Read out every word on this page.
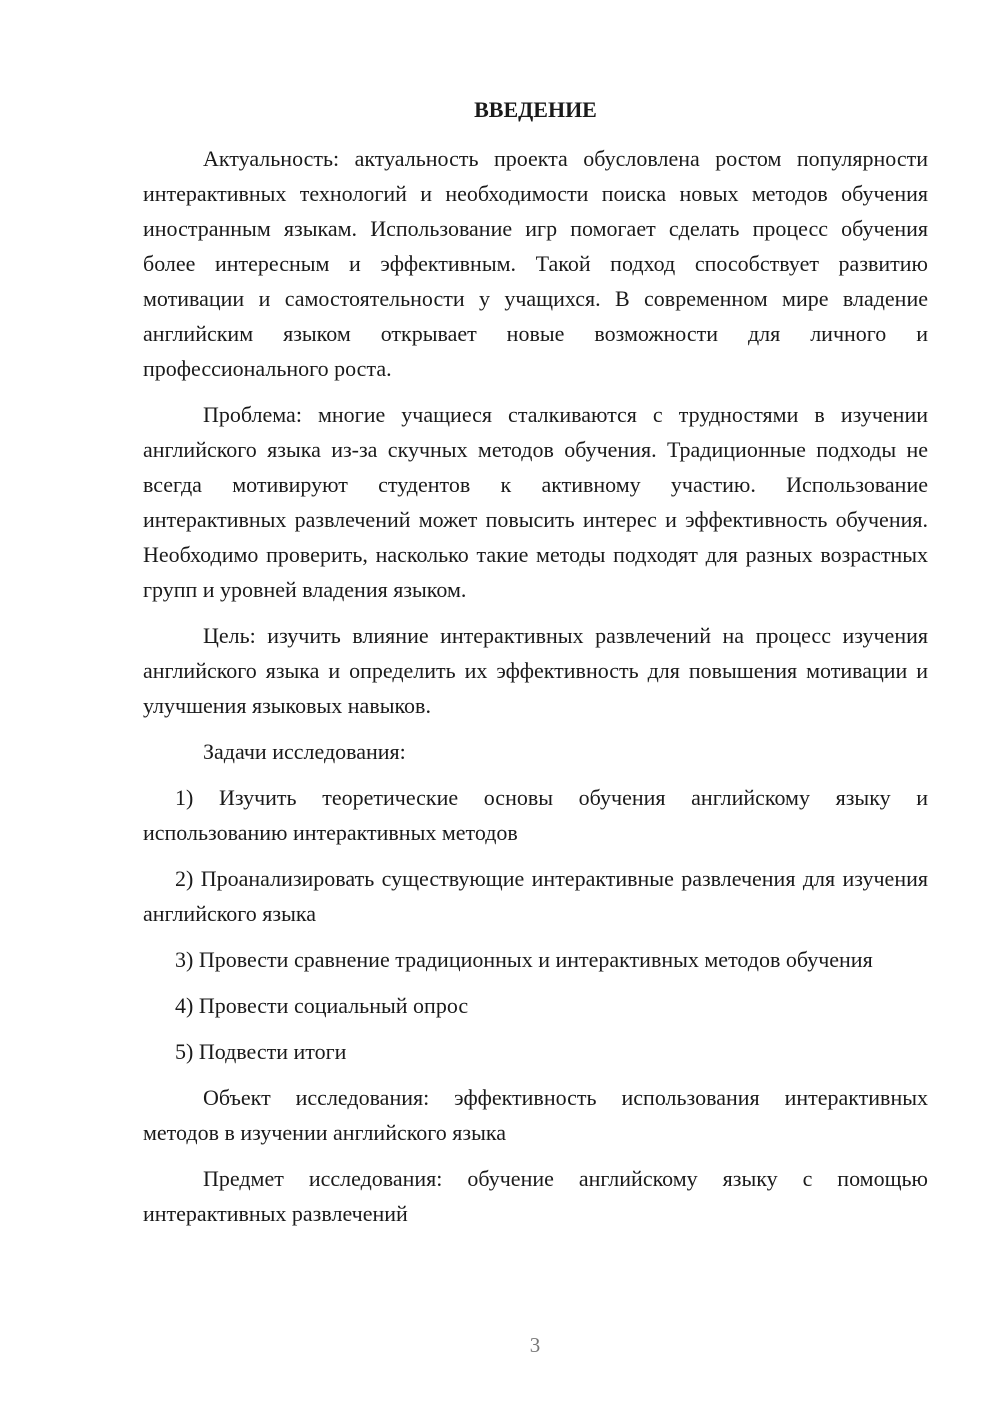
ВВЕДЕНИЕ

Актуальность: актуальность проекта обусловлена ростом популярности интерактивных технологий и необходимости поиска новых методов обучения иностранным языкам. Использование игр помогает сделать процесс обучения более интересным и эффективным. Такой подход способствует развитию мотивации и самостоятельности у учащихся. В современном мире владение английским языком открывает новые возможности для личного и профессионального роста.

Проблема: многие учащиеся сталкиваются с трудностями в изучении английского языка из-за скучных методов обучения. Традиционные подходы не всегда мотивируют студентов к активному участию. Использование интерактивных развлечений может повысить интерес и эффективность обучения. Необходимо проверить, насколько такие методы подходят для разных возрастных групп и уровней владения языком.

Цель: изучить влияние интерактивных развлечений на процесс изучения английского языка и определить их эффективность для повышения мотивации и улучшения языковых навыков.

Задачи исследования:

1) Изучить теоретические основы обучения английскому языку и использованию интерактивных методов

2) Проанализировать существующие интерактивные развлечения для изучения английского языка

3) Провести сравнение традиционных и интерактивных методов обучения

4) Провести социальный опрос

5) Подвести итоги

Объект исследования: эффективность использования интерактивных методов в изучении английского языка

Предмет исследования: обучение английскому языку с помощью интерактивных развлечений

3
